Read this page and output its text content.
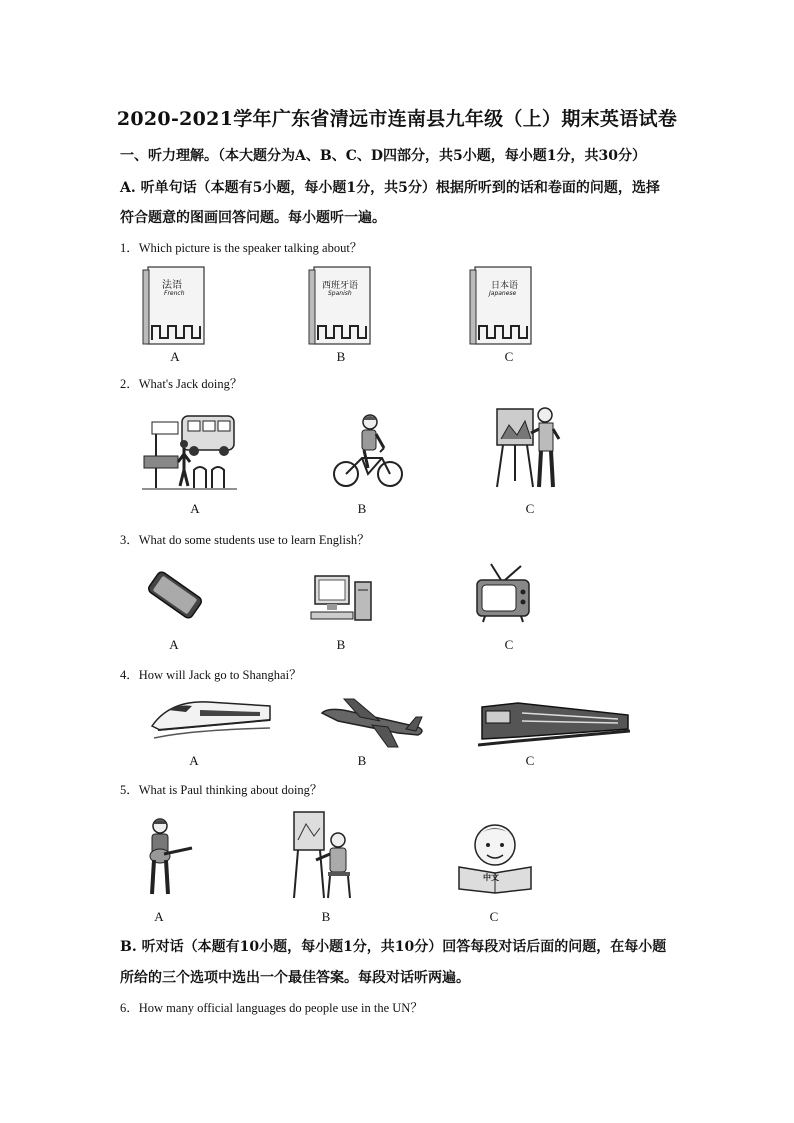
2020-2021学年广东省清远市连南县九年级（上）期末英语试卷
一、听力理解。（本大题分为A、B、C、D四部分，共5小题，每小题1分，共30分）
A. 听单句话（本题有5小题，每小题1分，共5分）根据所听到的话和卷面的问题，选择
符合题意的图画回答问题。每小题听一遍。
1．Which picture is the speaker talking about？
法语
French
西班牙语
Spanish
日本语
Japanese
A	B	C
2．What's Jack doing？
A	B	C
3．What do some students use to learn English？
A	B	C
4．How will Jack go to Shanghai？
A	B	C
5．What is Paul thinking about doing？
中文
A	B	C
B. 听对话（本题有10小题，每小题1分，共10分）回答每段对话后面的问题，在每小题
所给的三个选项中选出一个最佳答案。每段对话听两遍。
6．How many official languages do people use in the UN？
